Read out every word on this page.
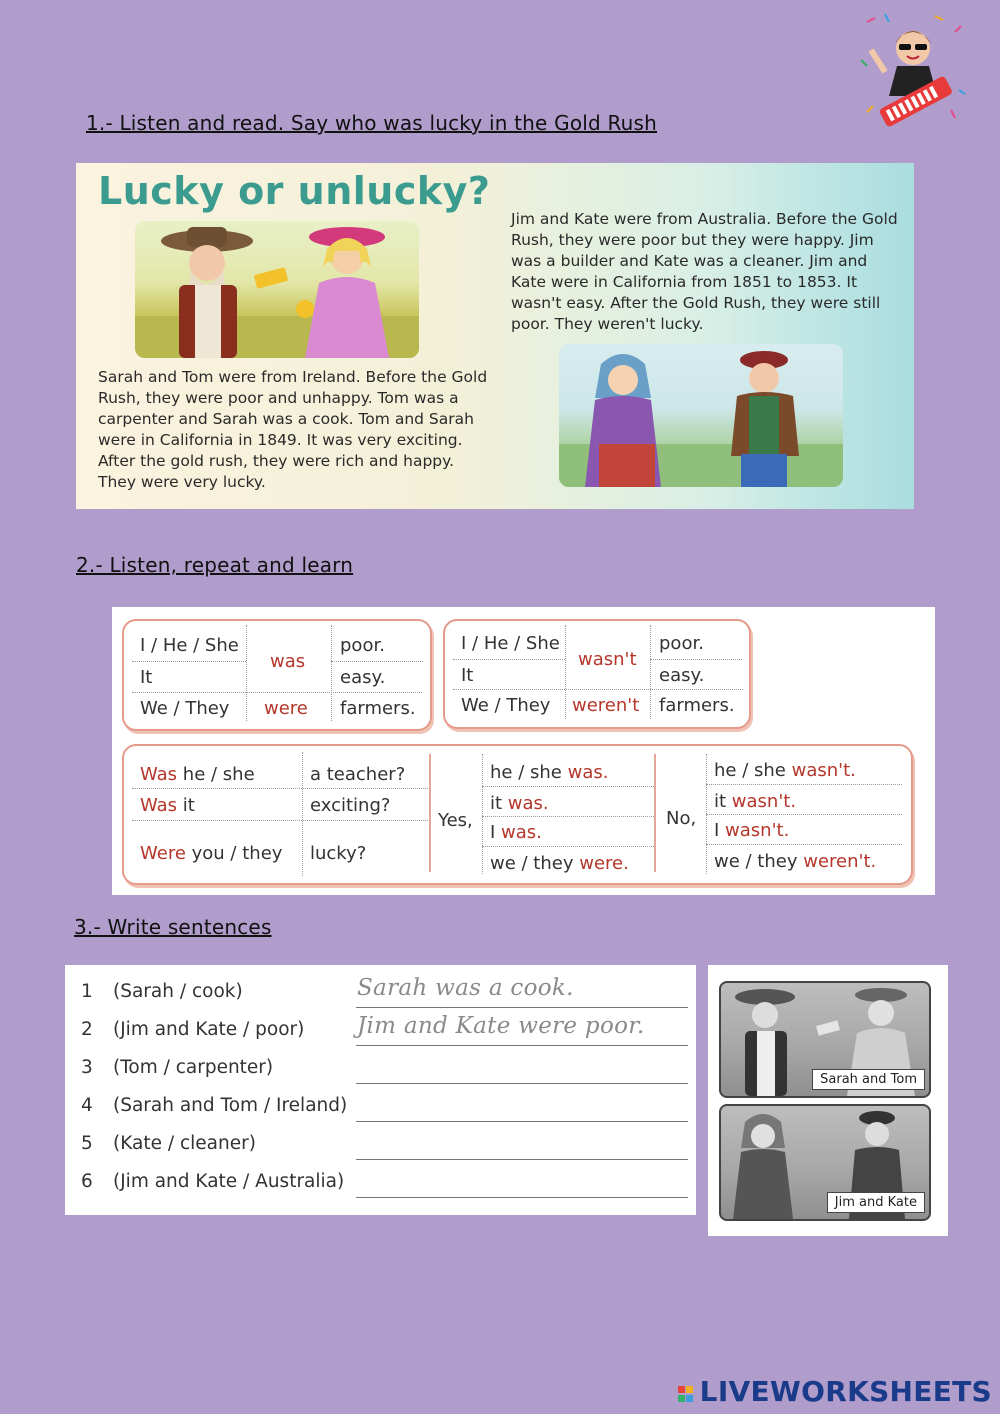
1.- Listen and read. Say who was lucky in the Gold Rush
Lucky or unlucky?
Jim and Kate were from Australia. Before the Gold Rush, they were poor but they were happy. Jim was a builder and Kate was a cleaner. Jim and Kate were in California from 1851 to 1853. It wasn't easy. After the Gold Rush, they were still poor. They weren't lucky.
Sarah and Tom were from Ireland. Before the Gold Rush, they were poor and unhappy. Tom was a carpenter and Sarah was a cook. Tom and Sarah were in California in 1849. It was very exciting. After the gold rush, they were rich and happy. They were very lucky.
2.- Listen, repeat and learn
I / He / She
It
We / They
was
were
poor.
easy.
farmers.
I / He / She
It
We / They
wasn't
weren't
poor.
easy.
farmers.
Was he / she
Was it
Were you / they
a teacher?
exciting?
lucky?
Yes,
he / she was.
it was.
I was.
we / they were.
No,
he / she wasn't.
it wasn't.
I wasn't.
we / they weren't.
3.- Write sentences
1 (Sarah / cook)	Sarah was a cook.
2 (Jim and Kate / poor) Jim and Kate were poor.
3 (Tom / carpenter)
4 (Sarah and Tom / Ireland)
5 (Kate / cleaner)
6 (Jim and Kate / Australia)
Sarah and Tom
Jim and Kate

LIVEWORKSHEETS
